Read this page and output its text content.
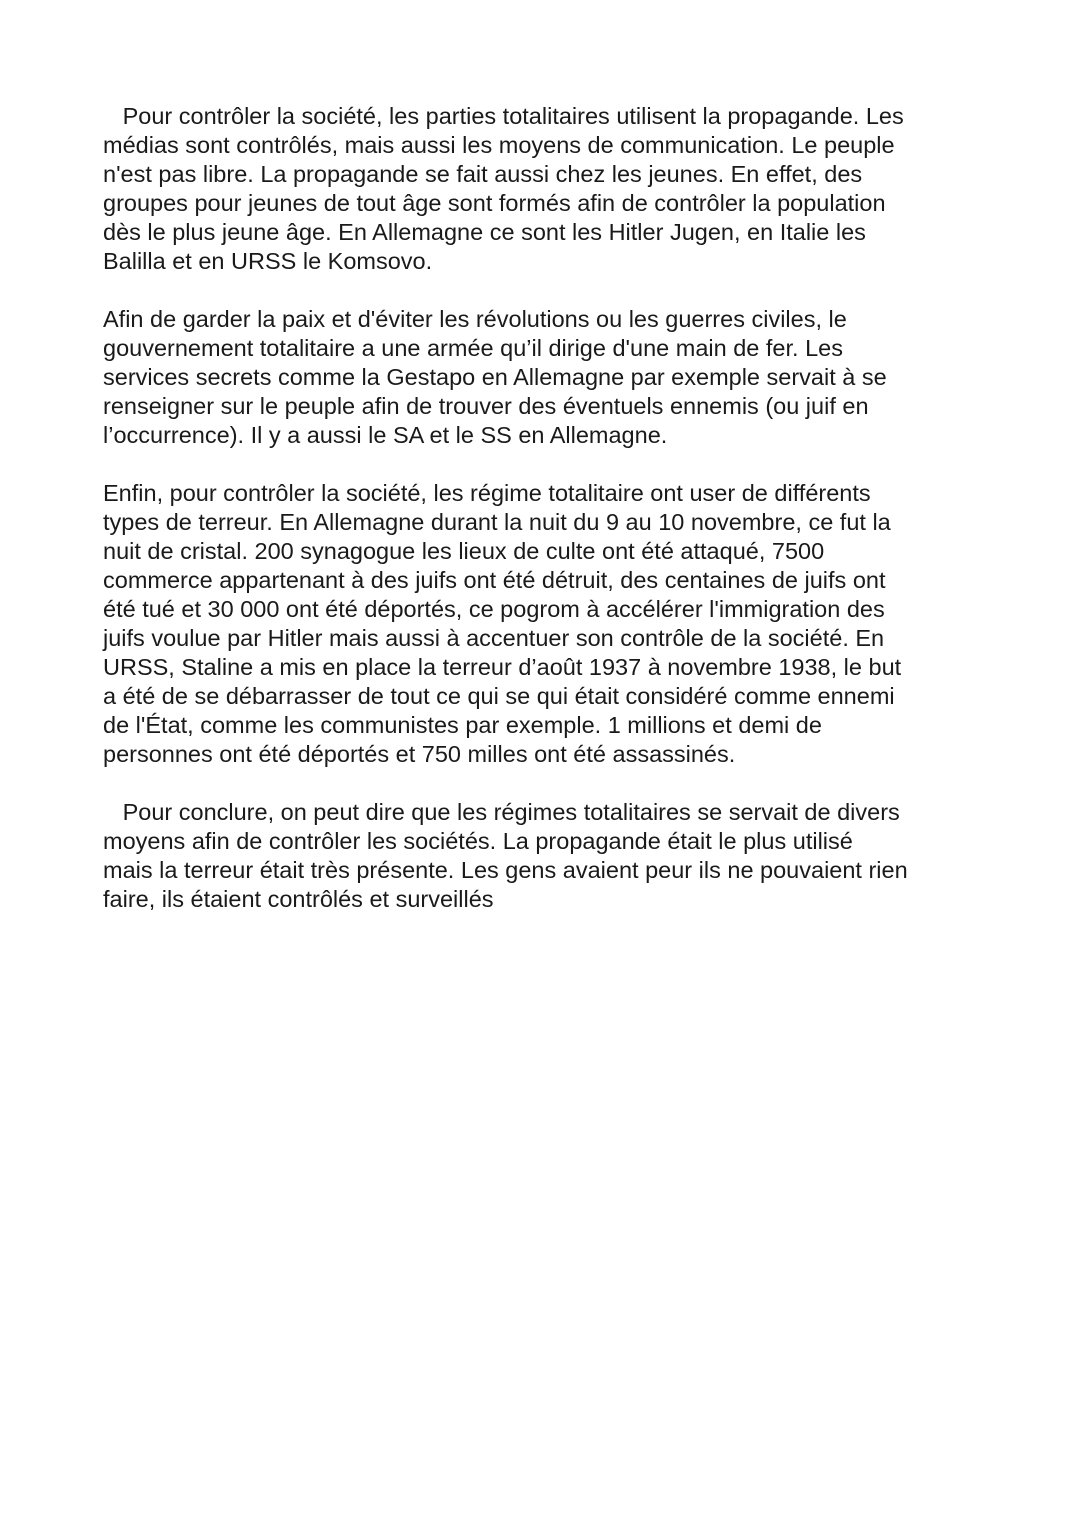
Pour contrôler la société, les parties totalitaires utilisent la propagande. Les
médias sont contrôlés, mais aussi les moyens de communication. Le peuple
n'est pas libre. La propagande se fait aussi chez les jeunes. En effet, des
groupes pour jeunes de tout âge sont formés afin de contrôler la population
dès le plus jeune âge. En Allemagne ce sont les Hitler Jugen, en Italie les
Balilla et en URSS le Komsovo.

Afin de garder la paix et d'éviter les révolutions ou les guerres civiles, le
gouvernement totalitaire a une armée qu’il dirige d'une main de fer. Les
services secrets comme la Gestapo en Allemagne par exemple servait à se
renseigner sur le peuple afin de trouver des éventuels ennemis (ou juif en
l’occurrence). Il y a aussi le SA et le SS en Allemagne.

Enfin, pour contrôler la société, les régime totalitaire ont user de différents
types de terreur. En Allemagne durant la nuit du 9 au 10 novembre, ce fut la
nuit de cristal. 200 synagogue les lieux de culte ont été attaqué, 7500
commerce appartenant à des juifs ont été détruit, des centaines de juifs ont
été tué et 30 000 ont été déportés, ce pogrom à accélérer l'immigration des
juifs voulue par Hitler mais aussi à accentuer son contrôle de la société. En
URSS, Staline a mis en place la terreur d’août 1937 à novembre 1938, le but
a été de se débarrasser de tout ce qui se qui était considéré comme ennemi
de l'État, comme les communistes par exemple. 1 millions et demi de
personnes ont été déportés et 750 milles ont été assassinés.

Pour conclure, on peut dire que les régimes totalitaires se servait de divers
moyens afin de contrôler les sociétés. La propagande était le plus utilisé
mais la terreur était très présente. Les gens avaient peur ils ne pouvaient rien
faire, ils étaient contrôlés et surveillés
